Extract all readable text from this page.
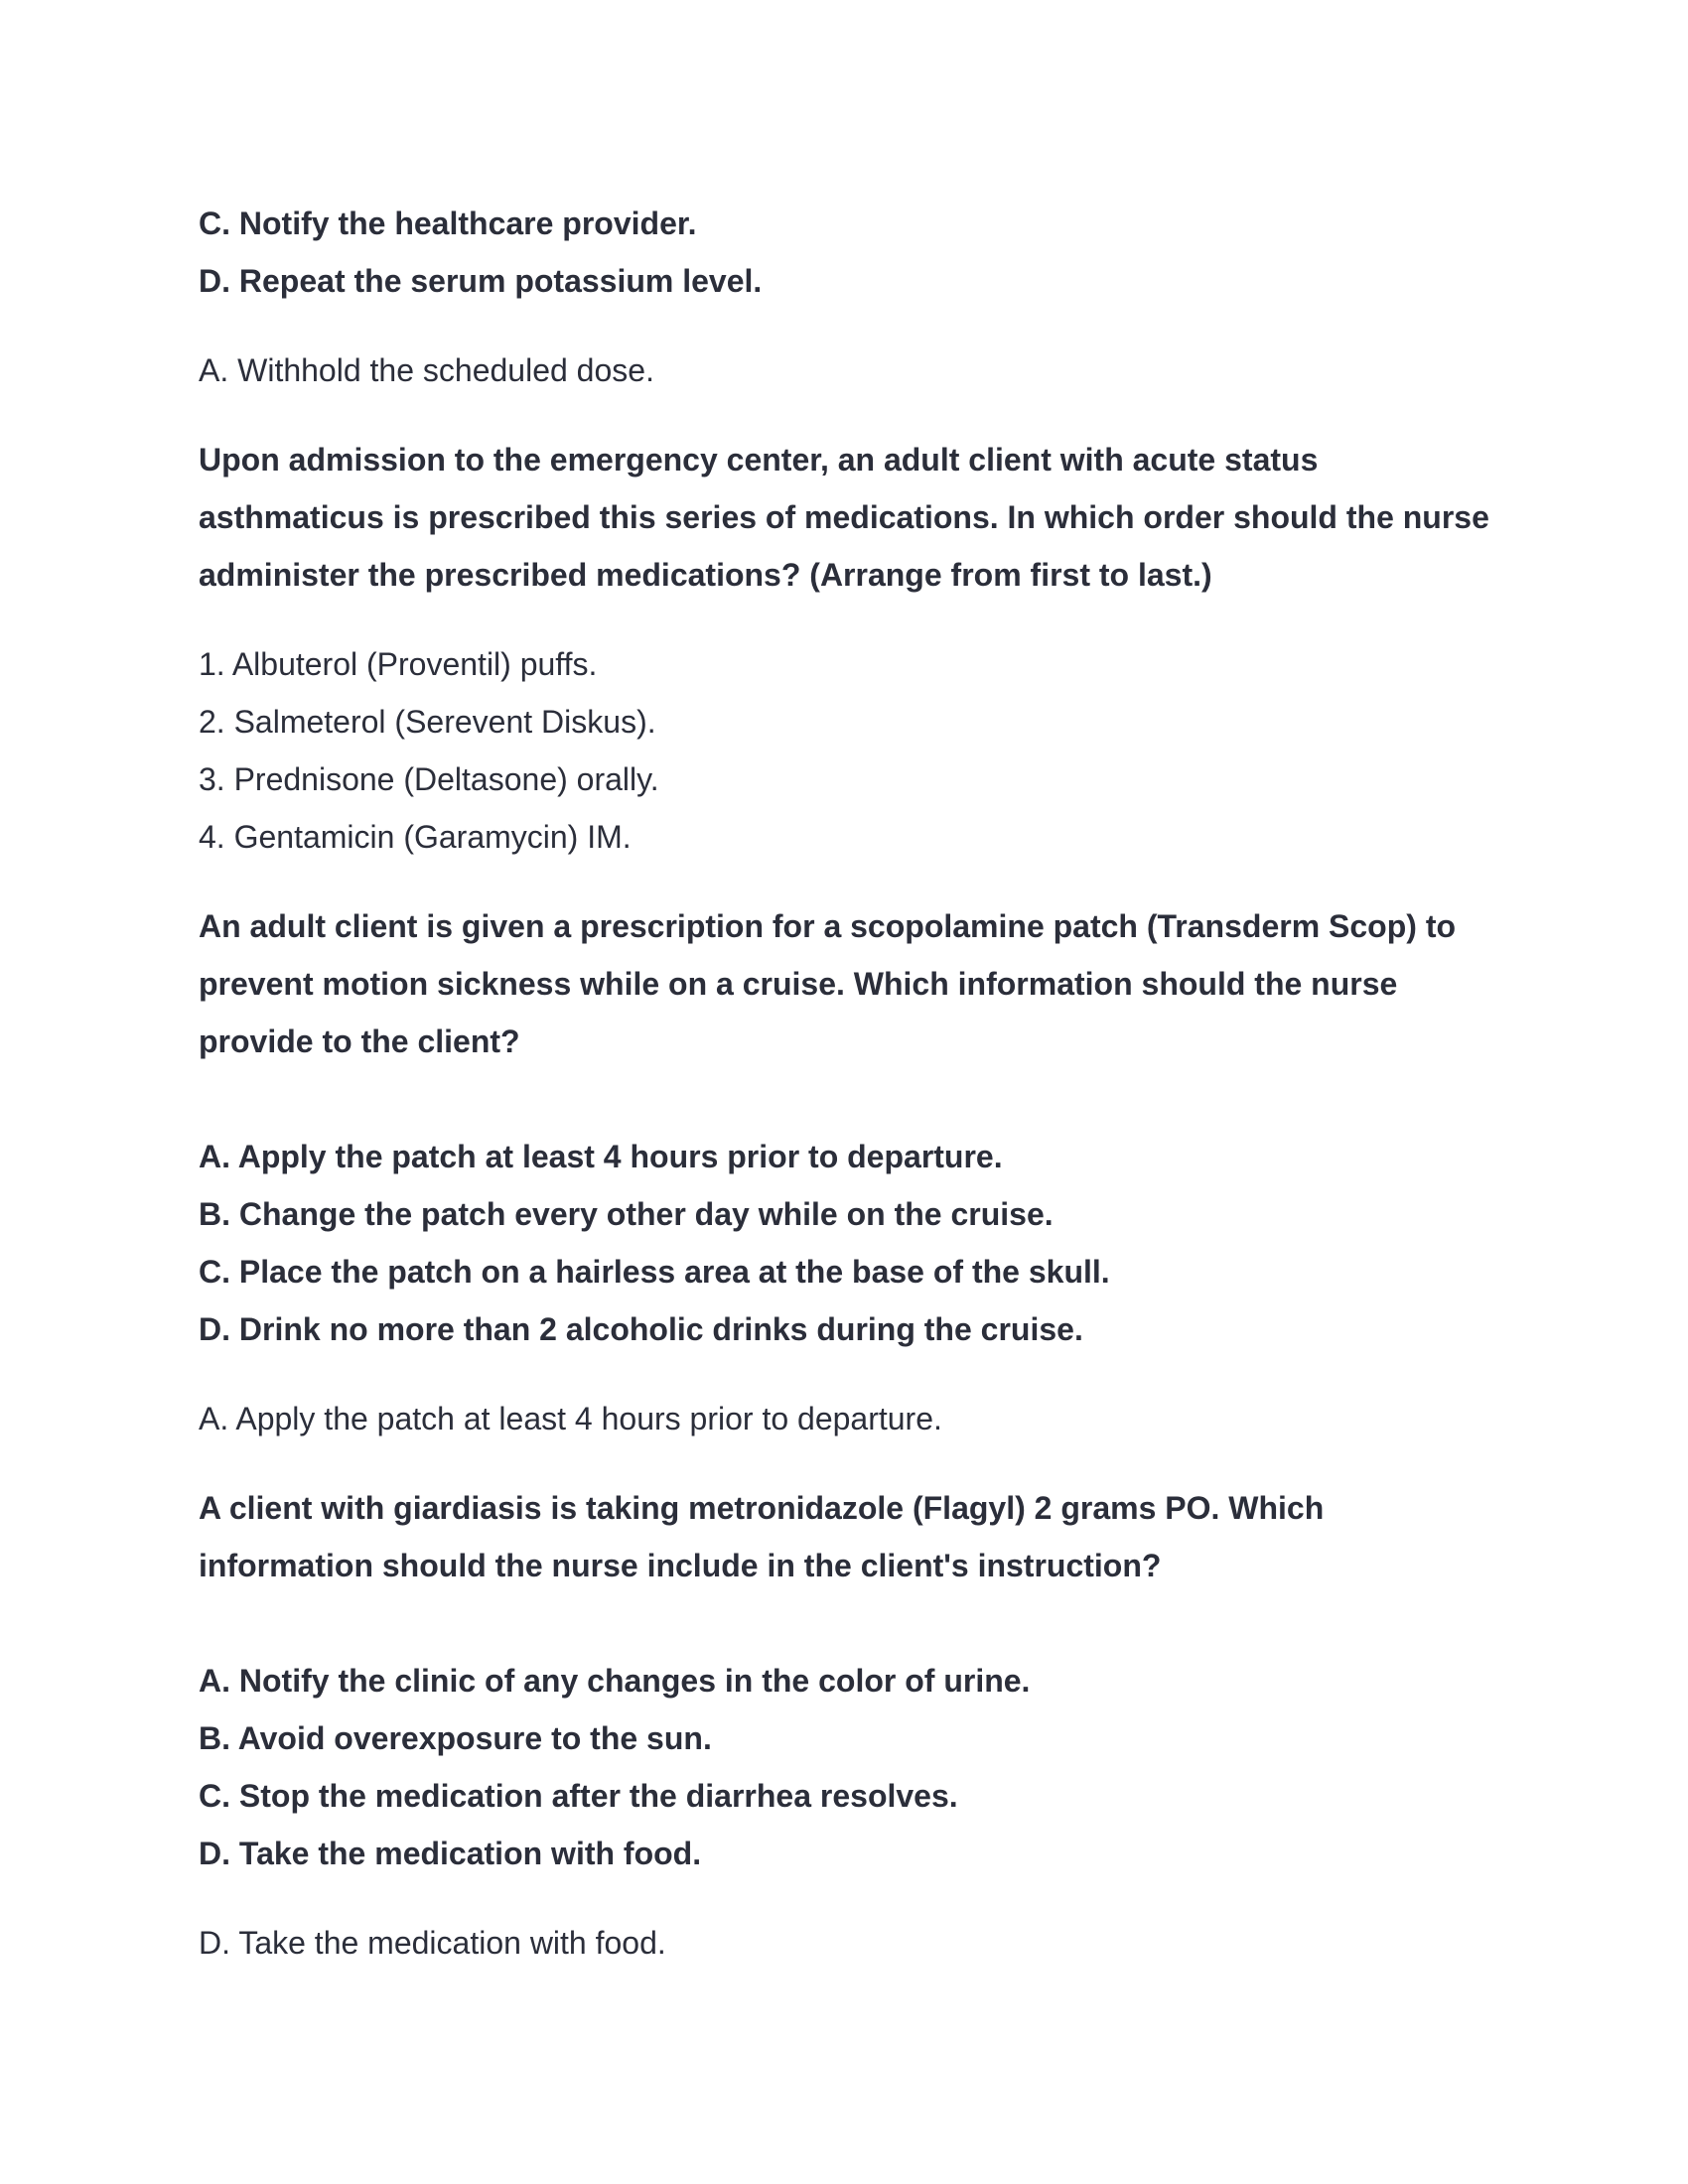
C. Notify the healthcare provider.
D. Repeat the serum potassium level.
A. Withhold the scheduled dose.

Upon admission to the emergency center, an adult client with acute status asthmaticus is prescribed this series of medications. In which order should the nurse administer the prescribed medications? (Arrange from first to last.)

1. Albuterol (Proventil) puffs.
2. Salmeterol (Serevent Diskus).
3. Prednisone (Deltasone) orally.
4. Gentamicin (Garamycin) IM.

An adult client is given a prescription for a scopolamine patch (Transderm Scop) to prevent motion sickness while on a cruise. Which information should the nurse provide to the client?

A. Apply the patch at least 4 hours prior to departure.
B. Change the patch every other day while on the cruise.
C. Place the patch on a hairless area at the base of the skull.
D. Drink no more than 2 alcoholic drinks during the cruise.
A. Apply the patch at least 4 hours prior to departure.

A client with giardiasis is taking metronidazole (Flagyl) 2 grams PO. Which information should the nurse include in the client's instruction?

A. Notify the clinic of any changes in the color of urine.
B. Avoid overexposure to the sun.
C. Stop the medication after the diarrhea resolves.
D. Take the medication with food.
D. Take the medication with food.
